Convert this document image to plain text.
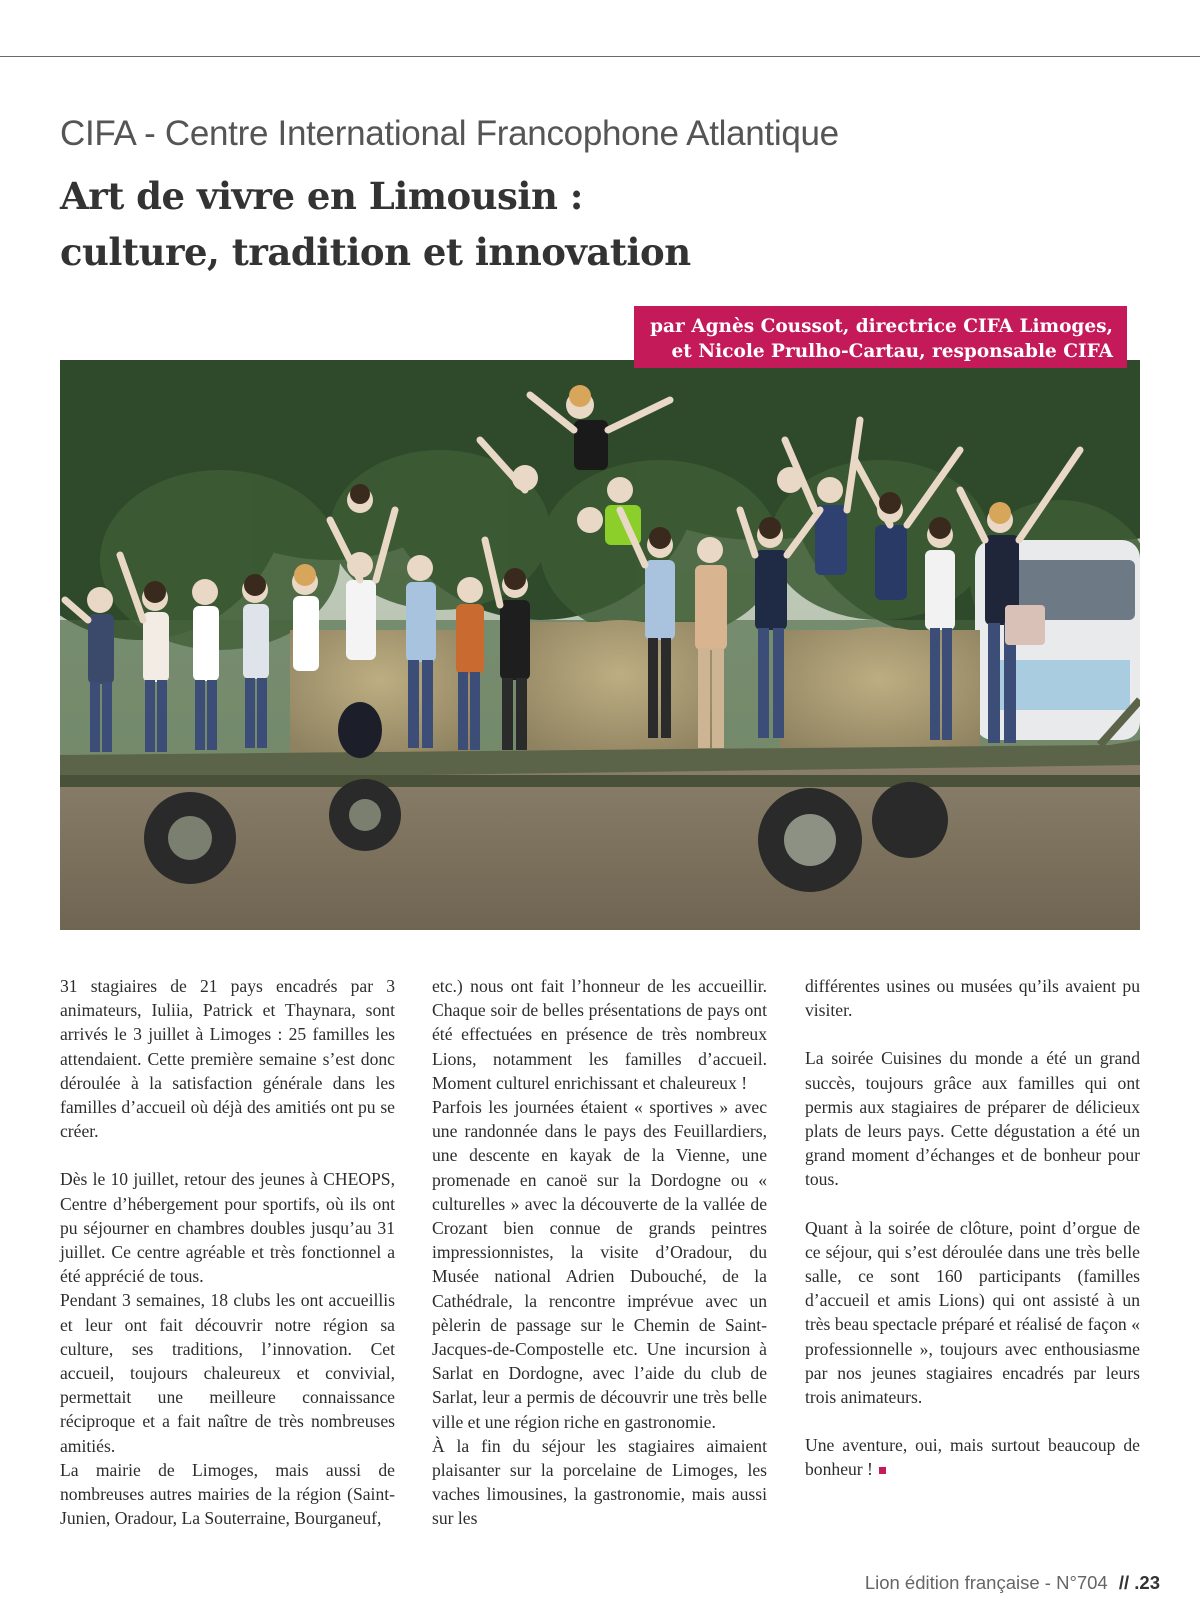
CIFA - Centre International Francophone Atlantique
Art de vivre en Limousin :
culture, tradition et innovation
par Agnès Coussot, directrice CIFA Limoges,
et Nicole Prulho-Cartau, responsable CIFA

31 stagiaires de 21 pays encadrés par 3 animateurs, Iuliia, Patrick et Thaynara, sont arrivés le 3 juillet à Limoges : 25 familles les attendaient. Cette première semaine s’est donc déroulée à la satisfaction générale dans les familles d’accueil où déjà des amitiés ont pu se créer.

Dès le 10 juillet, retour des jeunes à CHEOPS, Centre d’hébergement pour sportifs, où ils ont pu séjourner en chambres doubles jusqu’au 31 juillet. Ce centre agréable et très fonctionnel a été apprécié de tous.

Pendant 3 semaines, 18 clubs les ont accueillis et leur ont fait découvrir notre région sa culture, ses traditions, l’innovation. Cet accueil, toujours chaleureux et convivial, permettait une meilleure connaissance réciproque et a fait naître de très nombreuses amitiés.

La mairie de Limoges, mais aussi de nombreuses autres mairies de la région (Saint-Junien, Oradour, La Souterraine, Bourganeuf,

etc.) nous ont fait l’honneur de les accueillir. Chaque soir de belles présentations de pays ont été effectuées en présence de très nombreux Lions, notamment les familles d’accueil. Moment culturel enrichissant et chaleureux !

Parfois les journées étaient « sportives » avec une randonnée dans le pays des Feuillardiers, une descente en kayak de la Vienne, une promenade en canoë sur la Dordogne ou « culturelles » avec la découverte de la vallée de Crozant bien connue de grands peintres impressionnistes, la visite d’Oradour, du Musée national Adrien Dubouché, de la Cathédrale, la rencontre imprévue avec un pèlerin de passage sur le Chemin de Saint-Jacques-de-Compostelle etc. Une incursion à Sarlat en Dordogne, avec l’aide du club de Sarlat, leur a permis de découvrir une très belle ville et une région riche en gastronomie.

À la fin du séjour les stagiaires aimaient plaisanter sur la porcelaine de Limoges, les vaches limousines, la gastronomie, mais aussi sur les

différentes usines ou musées qu’ils avaient pu visiter.

La soirée Cuisines du monde a été un grand succès, toujours grâce aux familles qui ont permis aux stagiaires de préparer de délicieux plats de leurs pays. Cette dégustation a été un grand moment d’échanges et de bonheur pour tous.

Quant à la soirée de clôture, point d’orgue de ce séjour, qui s’est déroulée dans une très belle salle, ce sont 160 participants (familles d’accueil et amis Lions) qui ont assisté à un très beau spectacle préparé et réalisé de façon « professionnelle », toujours avec enthousiasme par nos jeunes stagiaires encadrés par leurs trois animateurs.

Une aventure, oui, mais surtout beaucoup de bonheur !

Lion édition française - N°704 // .23
